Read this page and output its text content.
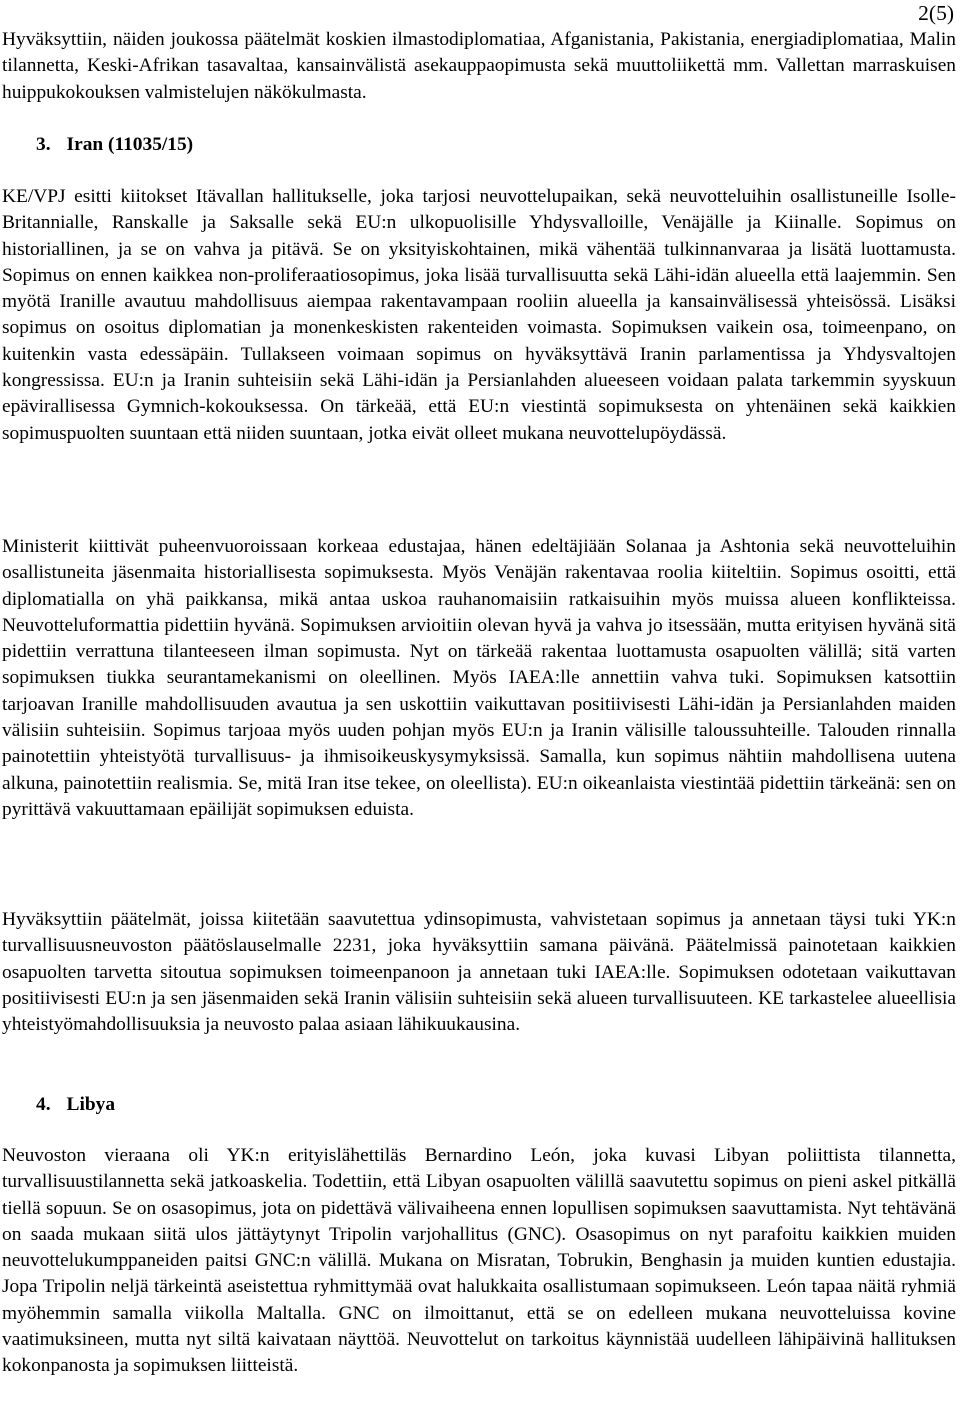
2(5)

Hyväksyttiin, näiden joukossa päätelmät koskien ilmastodiplomatiaa, Afganistania, Pakistania, energiadiplomatiaa, Malin tilannetta, Keski-Afrikan tasavaltaa, kansainvälistä asekauppaopimusta sekä muuttoliikettä mm. Vallettan marraskuisen huippukokouksen valmistelujen näkökulmasta.

3. Iran (11035/15)

KE/VPJ esitti kiitokset Itävallan hallitukselle, joka tarjosi neuvottelupaikan, sekä neuvotteluihin osallistuneille Isolle-Britannialle, Ranskalle ja Saksalle sekä EU:n ulkopuolisille Yhdysvalloille, Venäjälle ja Kiinalle. Sopimus on historiallinen, ja se on vahva ja pitävä. Se on yksityiskohtainen, mikä vähentää tulkinnanvaraa ja lisätä luottamusta. Sopimus on ennen kaikkea non-proliferaatiosopimus, joka lisää turvallisuutta sekä Lähi-idän alueella että laajemmin. Sen myötä Iranille avautuu mahdollisuus aiempaa rakentavampaan rooliin alueella ja kansainvälisessä yhteisössä. Lisäksi sopimus on osoitus diplomatian ja monenkeskisten rakenteiden voimasta. Sopimuksen vaikein osa, toimeenpano, on kuitenkin vasta edessäpäin. Tullakseen voimaan sopimus on hyväksyttävä Iranin parlamentissa ja Yhdysvaltojen kongressissa. EU:n ja Iranin suhteisiin sekä Lähi-idän ja Persianlahden alueeseen voidaan palata tarkemmin syyskuun epävirallisessa Gymnich-kokouksessa. On tärkeää, että EU:n viestintä sopimuksesta on yhtenäinen sekä kaikkien sopimuspuolten suuntaan että niiden suuntaan, jotka eivät olleet mukana neuvottelupöydässä.

Ministerit kiittivät puheenvuoroissaan korkeaa edustajaa, hänen edeltäjiään Solanaa ja Ashtonia sekä neuvotteluihin osallistuneita jäsenmaita historiallisesta sopimuksesta. Myös Venäjän rakentavaa roolia kiiteltiin. Sopimus osoitti, että diplomatialla on yhä paikkansa, mikä antaa uskoa rauhanomaisiin ratkaisuihin myös muissa alueen konflikteissa. Neuvotteluformattia pidettiin hyvänä. Sopimuksen arvioitiin olevan hyvä ja vahva jo itsessään, mutta erityisen hyvänä sitä pidettiin verrattuna tilanteeseen ilman sopimusta. Nyt on tärkeää rakentaa luottamusta osapuolten välillä; sitä varten sopimuksen tiukka seurantamekanismi on oleellinen. Myös IAEA:lle annettiin vahva tuki. Sopimuksen katsottiin tarjoavan Iranille mahdollisuuden avautua ja sen uskottiin vaikuttavan positiivisesti Lähi-idän ja Persianlahden maiden välisiin suhteisiin. Sopimus tarjoaa myös uuden pohjan myös EU:n ja Iranin välisille taloussuhteille. Talouden rinnalla painotettiin yhteistyötä turvallisuus- ja ihmisoikeuskysymyksissä. Samalla, kun sopimus nähtiin mahdollisena uutena alkuna, painotettiin realismia. Se, mitä Iran itse tekee, on oleellista). EU:n oikeanlaista viestintää pidettiin tärkeänä: sen on pyrittävä vakuuttamaan epäilijät sopimuksen eduista.

Hyväksyttiin päätelmät, joissa kiitetään saavutettua ydinsopimusta, vahvistetaan sopimus ja annetaan täysi tuki YK:n turvallisuusneuvoston päätöslauselmalle 2231, joka hyväksyttiin samana päivänä. Päätelmissä painotetaan kaikkien osapuolten tarvetta sitoutua sopimuksen toimeenpanoon ja annetaan tuki IAEA:lle. Sopimuksen odotetaan vaikuttavan positiivisesti EU:n ja sen jäsenmaiden sekä Iranin välisiin suhteisiin sekä alueen turvallisuuteen. KE tarkastelee alueellisia yhteistyömahdollisuuksia ja neuvosto palaa asiaan lähikuukausina.

4. Libya

Neuvoston vieraana oli YK:n erityislähettiläs Bernardino León, joka kuvasi Libyan poliittista tilannetta, turvallisuustilannetta sekä jatkoaskelia. Todettiin, että Libyan osapuolten välillä saavutettu sopimus on pieni askel pitkällä tiellä sopuun. Se on osasopimus, jota on pidettävä välivaiheena ennen lopullisen sopimuksen saavuttamista. Nyt tehtävänä on saada mukaan siitä ulos jättäytynyt Tripolin varjohallitus (GNC). Osasopimus on nyt parafoitu kaikkien muiden neuvottelukumppaneiden paitsi GNC:n välillä. Mukana on Misratan, Tobrukin, Benghasin ja muiden kuntien edustajia. Jopa Tripolin neljä tärkeintä aseistettua ryhmittymää ovat halukkaita osallistumaan sopimukseen. León tapaa näitä ryhmiä myöhemmin samalla viikolla Maltalla. GNC on ilmoittanut, että se on edelleen mukana neuvotteluissa kovine vaatimuksineen, mutta nyt siltä kaivataan näyttöä. Neuvottelut on tarkoitus käynnistää uudelleen lähipäivinä hallituksen kokonpanosta ja sopimuksen liitteistä.
